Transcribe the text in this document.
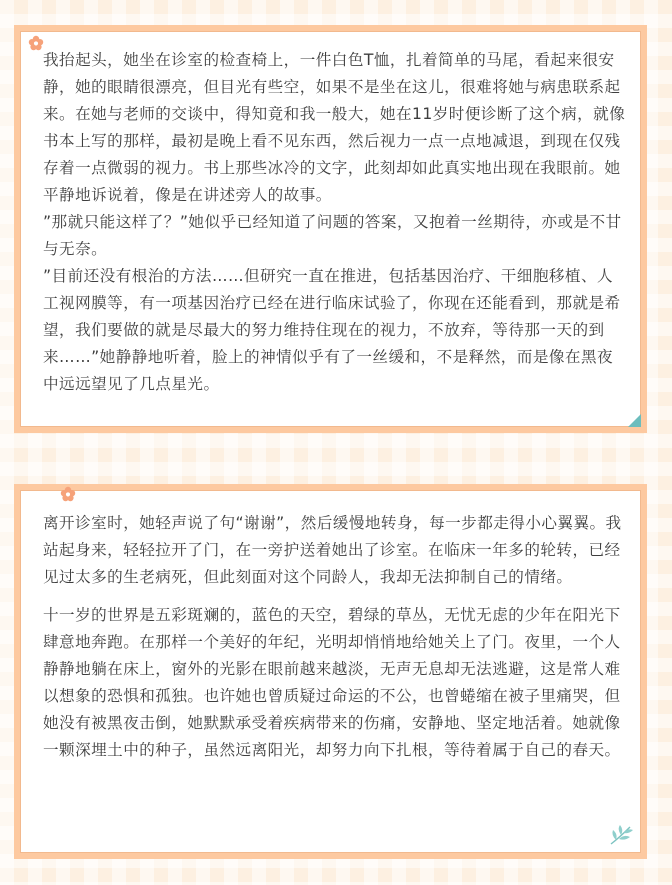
我抬起头，她坐在诊室的检查椅上，一件白色T恤，扎着简单的马尾，看起来很安静，她的眼睛很漂亮，但目光有些空，如果不是坐在这儿，很难将她与病患联系起来。在她与老师的交谈中，得知竟和我一般大，她在11岁时便诊断了这个病，就像书本上写的那样，最初是晚上看不见东西，然后视力一点一点地减退，到现在仅残存着一点微弱的视力。书上那些冰冷的文字，此刻却如此真实地出现在我眼前。她平静地诉说着，像是在讲述旁人的故事。

”那就只能这样了？”她似乎已经知道了问题的答案，又抱着一丝期待，亦或是不甘与无奈。

”目前还没有根治的方法……但研究一直在推进，包括基因治疗、干细胞移植、人工视网膜等，有一项基因治疗已经在进行临床试验了，你现在还能看到，那就是希望，我们要做的就是尽最大的努力维持住现在的视力，不放弃，等待那一天的到来……”她静静地听着，脸上的神情似乎有了一丝缓和，不是释然，而是像在黑夜中远远望见了几点星光。

离开诊室时，她轻声说了句“谢谢”，然后缓慢地转身，每一步都走得小心翼翼。我站起身来，轻轻拉开了门，在一旁护送着她出了诊室。在临床一年多的轮转，已经见过太多的生老病死，但此刻面对这个同龄人，我却无法抑制自己的情绪。

十一岁的世界是五彩斑斓的，蓝色的天空，碧绿的草丛，无忧无虑的少年在阳光下肆意地奔跑。在那样一个美好的年纪，光明却悄悄地给她关上了门。夜里，一个人静静地躺在床上，窗外的光影在眼前越来越淡，无声无息却无法逃避，这是常人难以想象的恐惧和孤独。也许她也曾质疑过命运的不公，也曾蜷缩在被子里痛哭，但她没有被黑夜击倒，她默默承受着疾病带来的伤痛，安静地、坚定地活着。她就像一颗深埋土中的种子，虽然远离阳光，却努力向下扎根，等待着属于自己的春天。
